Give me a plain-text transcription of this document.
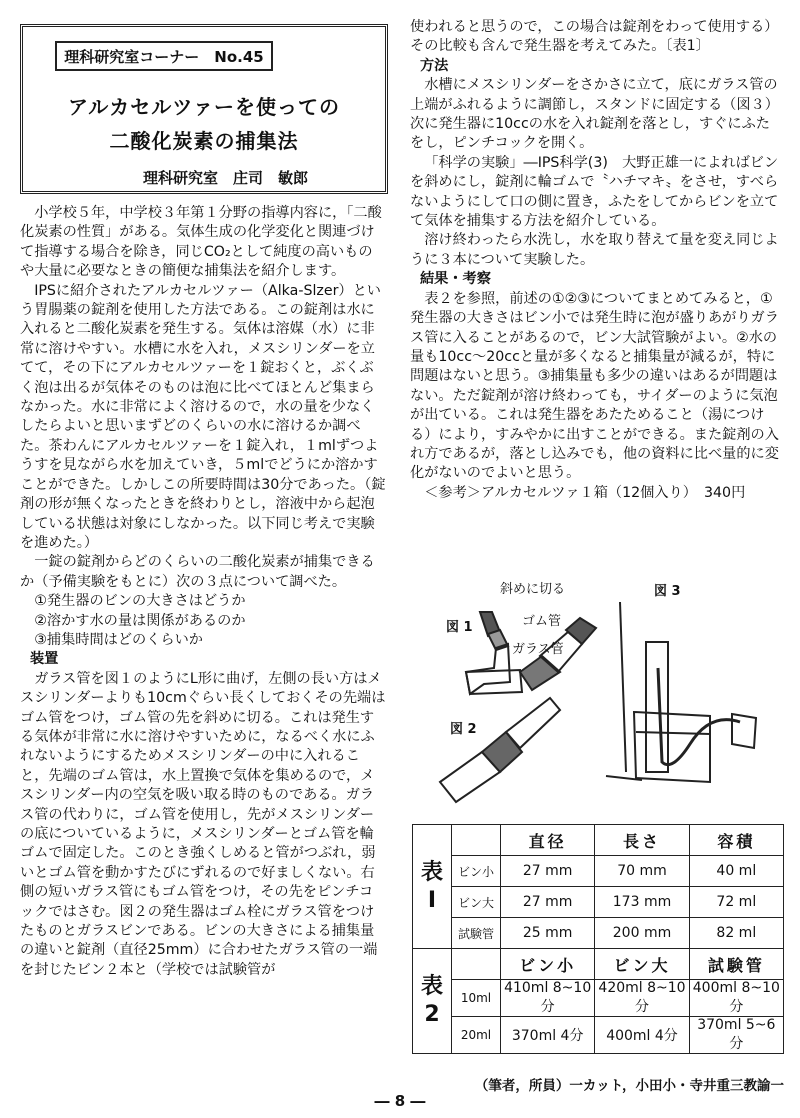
理科研究室コーナー　No.45
アルカセルツァーを使っての
二酸化炭素の捕集法
理科研究室　庄司　敏郎

小学校５年，中学校３年第１分野の指導内容に，「二酸化炭素の性質」がある。気体生成の化学変化と関連づけて指導する場合を除き，同じCO₂として純度の高いものや大量に必要なときの簡便な捕集法を紹介します。

IPSに紹介されたアルカセルツァー（Alka-Slzer）という胃腸薬の錠剤を使用した方法である。この錠剤は水に入れると二酸化炭素を発生する。気体は溶媒（水）に非常に溶けやすい。水槽に水を入れ，メスシリンダーを立てて，その下にアルカセルツァーを１錠おくと，ぶくぶく泡は出るが気体そのものは泡に比べてほとんど集まらなかった。水に非常によく溶けるので，水の量を少なくしたらよいと思いまずどのくらいの水に溶けるか調べた。茶わんにアルカセルツァーを１錠入れ，１mlずつようすを見ながら水を加えていき，５mlでどうにか溶かすことができた。しかしこの所要時間は30分であった。（錠剤の形が無くなったときを終わりとし，溶液中から起泡している状態は対象にしなかった。以下同じ考えで実験を進めた。）

一錠の錠剤からどのくらいの二酸化炭素が捕集できるか（予備実験をもとに）次の３点について調べた。

①発生器のビンの大きさはどうか

②溶かす水の量は関係があるのか

③捕集時間はどのくらいか

装置

ガラス管を図１のようにL形に曲げ，左側の長い方はメスシリンダーよりも10cmぐらい長くしておくその先端はゴム管をつけ，ゴム管の先を斜めに切る。これは発生する気体が非常に水に溶けやすいために，なるべく水にふれないようにするためメスシリンダーの中に入れること，先端のゴム管は，水上置換で気体を集めるので，メスシリンダー内の空気を吸い取る時のものである。ガラス管の代わりに，ゴム管を使用し，先がメスシリンダーの底についているように，メスシリンダーとゴム管を輪ゴムで固定した。このとき強くしめると管がつぶれ，弱いとゴム管を動かすたびにずれるので好ましくない。右側の短いガラス管にもゴム管をつけ，その先をピンチコックではさむ。図２の発生器はゴム栓にガラス管をつけたものとガラスビンである。ビンの大きさによる捕集量の違いと錠剤（直径25mm）に合わせたガラス管の一端を封じたビン２本と（学校では試験管が

使われると思うので，この場合は錠剤をわって使用する）その比較も含んで発生器を考えてみた。〔表1〕

方法

水槽にメスシリンダーをさかさに立て，底にガラス管の上端がふれるように調節し，スタンドに固定する（図３）次に発生器に10ccの水を入れ錠剤を落とし，すぐにふたをし，ピンチコックを開く。

「科学の実験」―IPS科学(3)　大野正雄一によればビンを斜めにし，錠剤に輪ゴムで〝ハチマキ〟をさせ，すべらないようにして口の側に置き，ふたをしてからビンを立てて気体を捕集する方法を紹介している。

溶け終わったら水洗し，水を取り替えて量を変え同じように３本について実験した。

結果・考察

表２を参照，前述の①②③についてまとめてみると，①発生器の大きさはビン小では発生時に泡が盛りあがりガラス管に入ることがあるので，ビン大試管験がよい。②水の量も10cc～20ccと量が多くなると捕集量が減るが，特に問題はないと思う。③捕集量も多少の違いはあるが問題はない。ただ錠剤が溶け終わっても，サイダーのように気泡が出ている。これは発生器をあたためること（湯につける）により，すみやかに出すことができる。また錠剤の入れ方であるが，落とし込みでも，他の資料に比べ量的に変化がないのでよいと思う。

＜参考＞アルカセルツァ１箱（12個入り）　340円

図 1
図 2
図 3
斜めに切る
ゴム管
ガラス管
表 Ⅰ		直径	長さ	容積
	ビン小	27 mm	70 mm	40 ml
	ビン大	27 mm	173 mm	72 ml
	試験管	25 mm	200 mm	82 ml
表 2		ビン小	ビン大	試験管
	10ml	410ml 8~10分	420ml 8~10分	400ml 8~10分
	20ml	370ml 4分	400ml 4分	370ml 5~6分
（筆者，所員）一カット，小田小・寺井重三教諭一
― 8 ―
